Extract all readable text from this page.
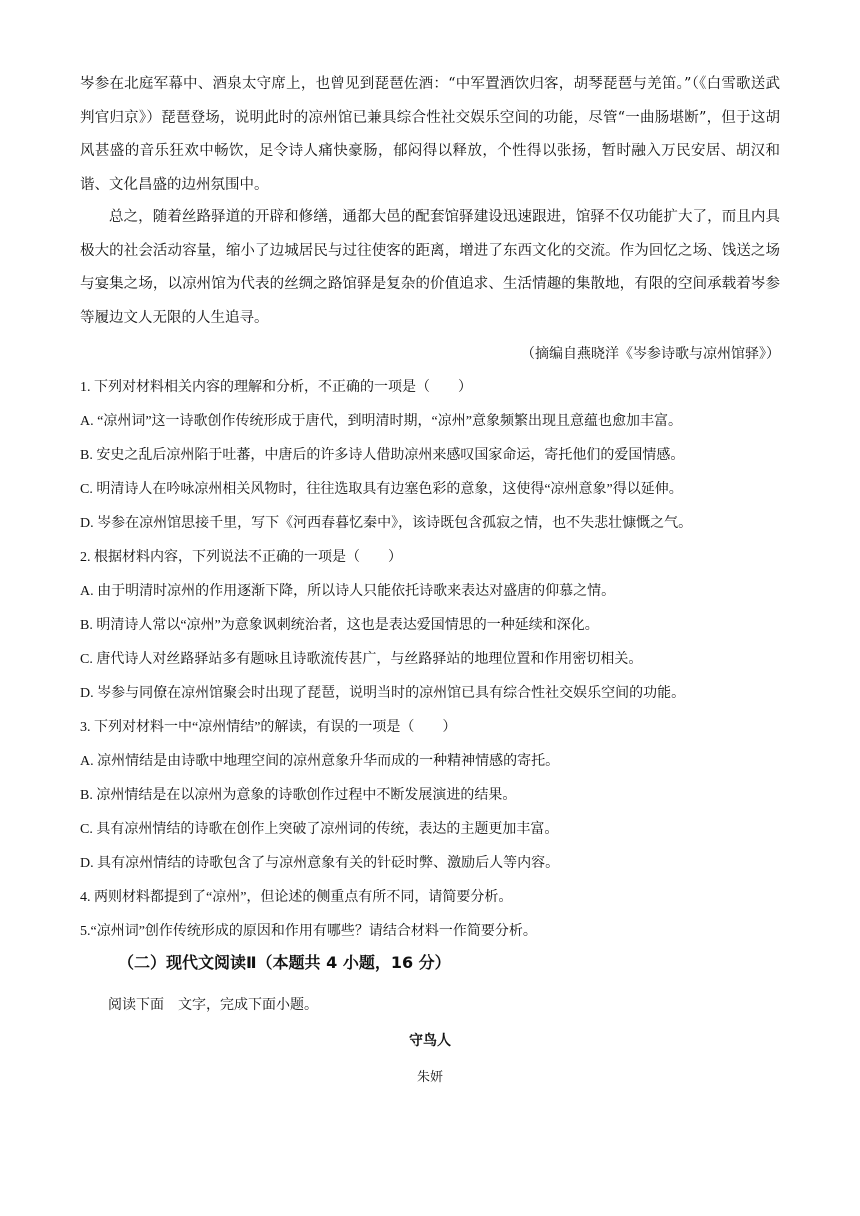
岑参在北庭军幕中、酒泉太守席上，也曾见到琵琶佐酒：“中军置酒饮归客，胡琴琵琶与羌笛。”（《白雪歌送武判官归京》）琵琶登场，说明此时的凉州馆已兼具综合性社交娱乐空间的功能，尽管“一曲肠堪断”，但于这胡风甚盛的音乐狂欢中畅饮，足令诗人痛快豪肠，郁闷得以释放，个性得以张扬，暂时融入万民安居、胡汉和谐、文化昌盛的边州氛围中。

总之，随着丝路驿道的开辟和修缮，通都大邑的配套馆驿建设迅速跟进，馆驿不仅功能扩大了，而且内具极大的社会活动容量，缩小了边城居民与过往使客的距离，增进了东西文化的交流。作为回忆之场、饯送之场与宴集之场，以凉州馆为代表的丝绸之路馆驿是复杂的价值追求、生活情趣的集散地，有限的空间承载着岑参等履边文人无限的人生追寻。

（摘编自燕晓洋《岑参诗歌与凉州馆驿》）
1. 下列对材料相关内容的理解和分析，不正确的一项是（　　）
A. “凉州词”这一诗歌创作传统形成于唐代，到明清时期，“凉州”意象频繁出现且意蕴也愈加丰富。
B. 安史之乱后凉州陷于吐蕃，中唐后的许多诗人借助凉州来感叹国家命运，寄托他们的爱国情感。
C. 明清诗人在吟咏凉州相关风物时，往往选取具有边塞色彩的意象，这使得“凉州意象”得以延伸。
D. 岑参在凉州馆思接千里，写下《河西春暮忆秦中》，该诗既包含孤寂之情，也不失悲壮慷慨之气。
2. 根据材料内容，下列说法不正确的一项是（　　）
A. 由于明清时凉州的作用逐渐下降，所以诗人只能依托诗歌来表达对盛唐的仰慕之情。
B. 明清诗人常以“凉州”为意象讽刺统治者，这也是表达爱国情思的一种延续和深化。
C. 唐代诗人对丝路驿站多有题咏且诗歌流传甚广，与丝路驿站的地理位置和作用密切相关。
D. 岑参与同僚在凉州馆聚会时出现了琵琶，说明当时的凉州馆已具有综合性社交娱乐空间的功能。
3. 下列对材料一中“凉州情结”的解读，有误的一项是（　　）
A. 凉州情结是由诗歌中地理空间的凉州意象升华而成的一种精神情感的寄托。
B. 凉州情结是在以凉州为意象的诗歌创作过程中不断发展演进的结果。
C. 具有凉州情结的诗歌在创作上突破了凉州词的传统，表达的主题更加丰富。
D. 具有凉州情结的诗歌包含了与凉州意象有关的针砭时弊、激励后人等内容。
4. 两则材料都提到了“凉州”，但论述的侧重点有所不同，请简要分析。
5.“凉州词”创作传统形成的原因和作用有哪些？请结合材料一作简要分析。
（二）现代文阅读Ⅱ（本题共 4 小题，16 分）
阅读下面　文字，完成下面小题。
守鸟人
朱妍
